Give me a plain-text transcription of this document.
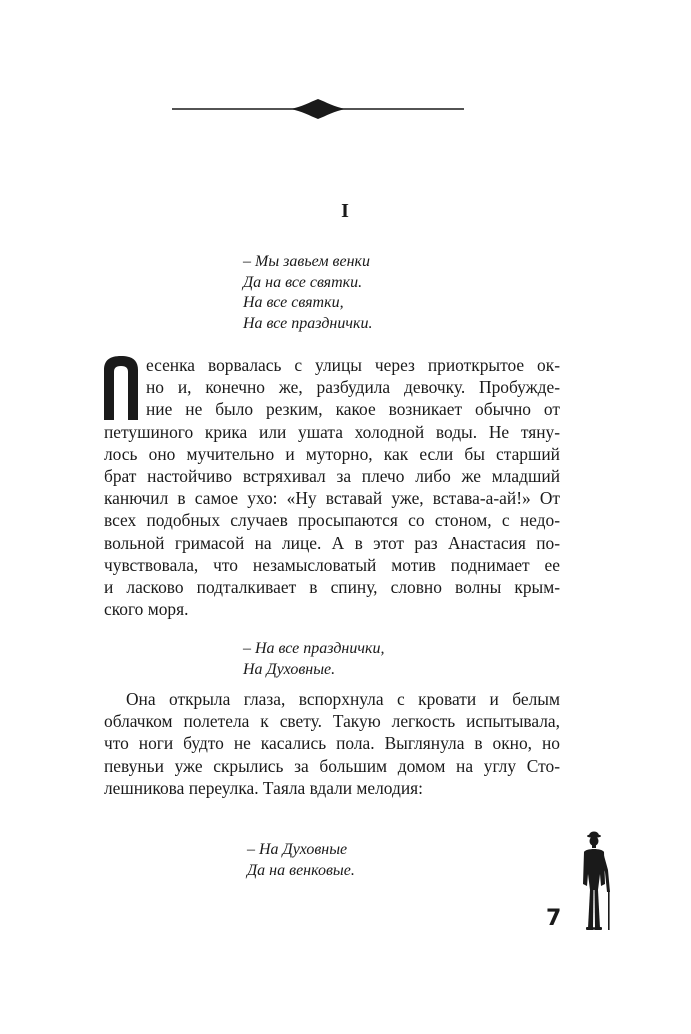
I
– Мы завьем венки
Да на все святки.
На все святки,
На все празднички.
есенка ворвалась с улицы через приоткрытое ок-
но и, конечно же, разбудила девочку. Пробужде-
ние не было резким, какое возникает обычно от
петушиного крика или ушата холодной воды. Не тяну-
лось оно мучительно и муторно, как если бы старший
брат настойчиво встряхивал за плечо либо же младший
канючил в самое ухо: «Ну вставай уже, встава-а-ай!» От
всех подобных случаев просыпаются со стоном, с недо-
вольной гримасой на лице. А в этот раз Анастасия по-
чувствовала, что незамысловатый мотив поднимает ее
и ласково подталкивает в спину, словно волны крым-
ского моря.
– На все празднички,
На Духовные.
Она открыла глаза, вспорхнула с кровати и белым
облачком полетела к свету. Такую легкость испытывала,
что ноги будто не касались пола. Выглянула в окно, но
певуньи уже скрылись за большим домом на углу Сто-
лешникова переулка. Таяла вдали мелодия:
– На Духовные
Да на венковые.
7
